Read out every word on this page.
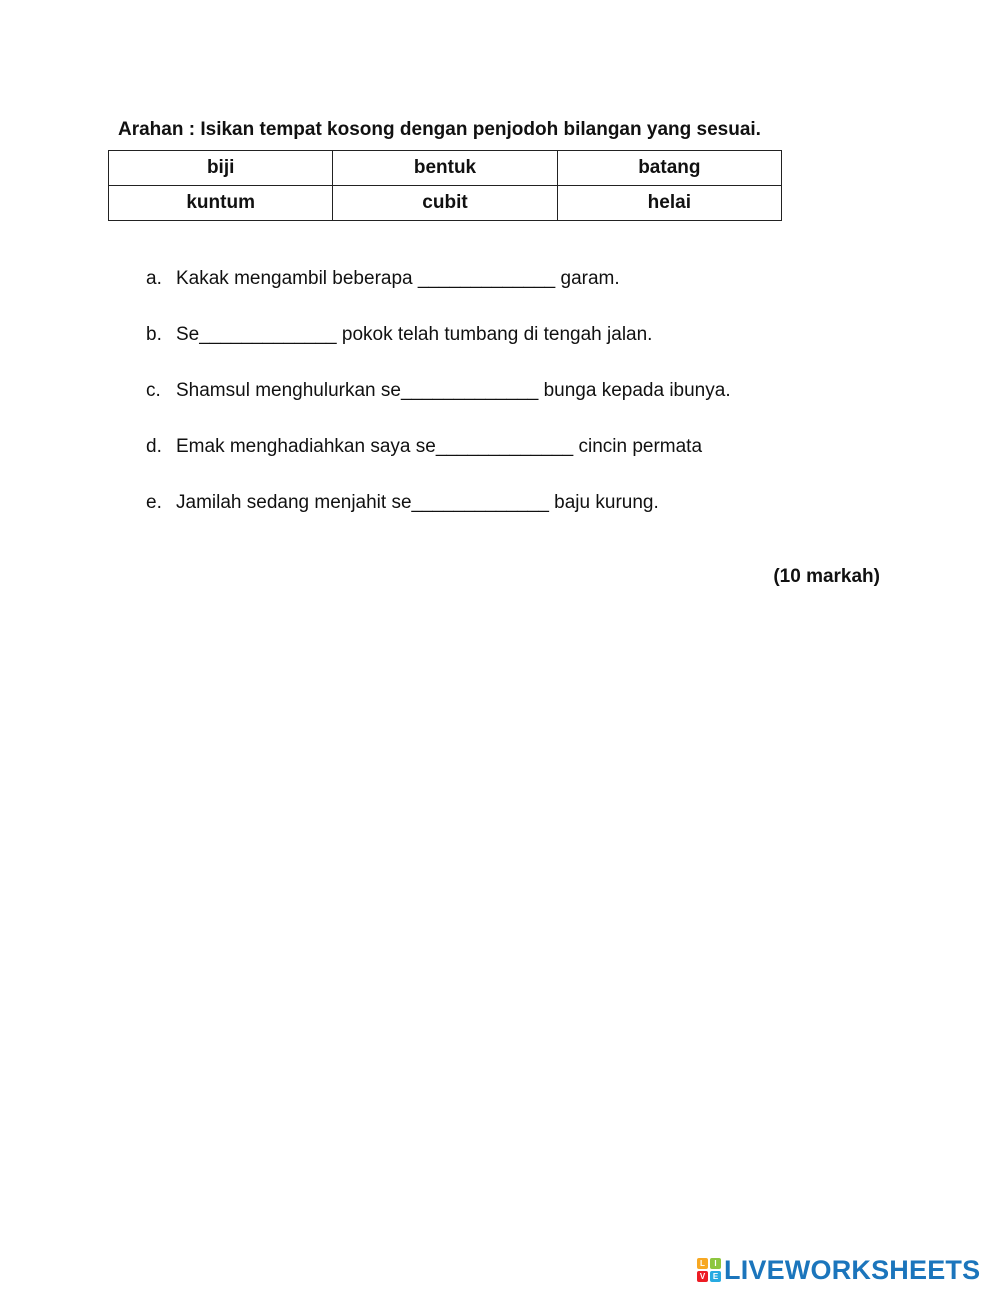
Arahan : Isikan tempat kosong dengan penjodoh bilangan yang sesuai.
biji	bentuk	batang
kuntum	cubit	helai
a. Kakak mengambil beberapa _____________ garam.
b. Se_____________ pokok telah tumbang di tengah jalan.
c. Shamsul menghulurkan se_____________ bunga kepada ibunya.
d. Emak menghadiahkan saya se_____________ cincin permata
e. Jamilah sedang menjahit se_____________ baju kurung.
(10 markah)
L	I
V E LIVEWORKSHEETS
